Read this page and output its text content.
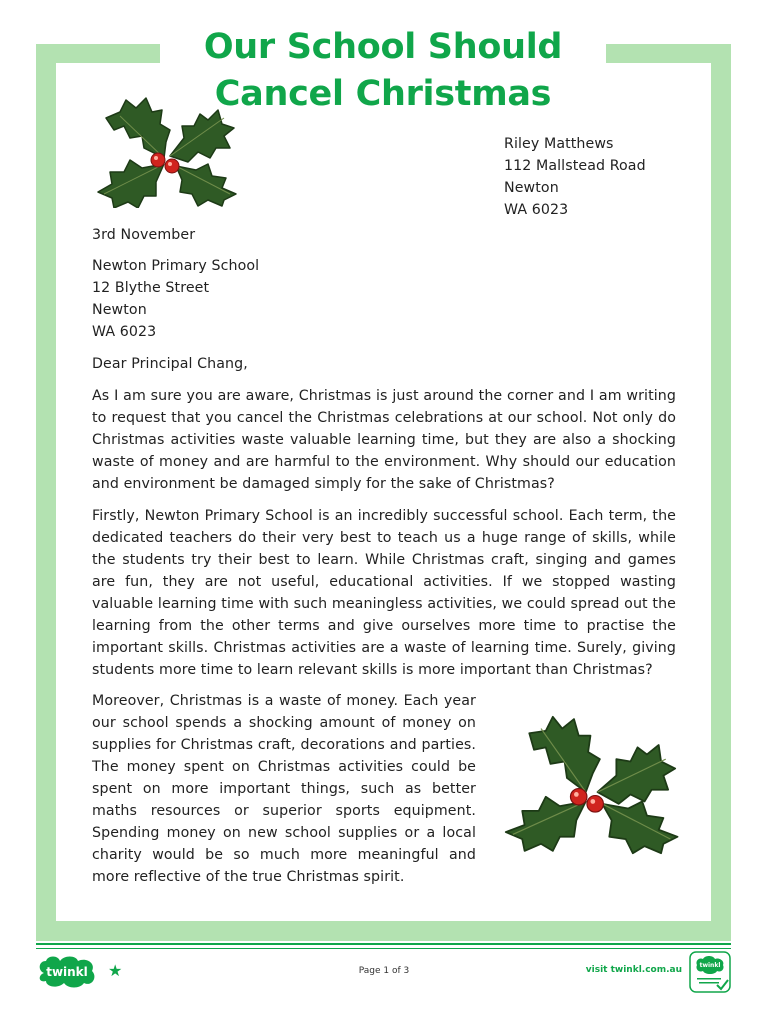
Our School Should
Cancel Christmas
Riley Matthews
112 Mallstead Road
Newton
WA 6023
3rd November
Newton Primary School
12 Blythe Street
Newton
WA 6023
Dear Principal Chang,

As I am sure you are aware, Christmas is just around the corner and I am writing to request that you cancel the Christmas celebrations at our school. Not only do Christmas activities waste valuable learning time, but they are also a shocking waste of money and are harmful to the environment. Why should our education and environment be damaged simply for the sake of Christmas?

Firstly, Newton Primary School is an incredibly successful school. Each term, the dedicated teachers do their very best to teach us a huge range of skills, while the students try their best to learn. While Christmas craft, singing and games are fun, they are not useful, educational activities. If we stopped wasting valuable learning time with such meaningless activities, we could spread out the learning from the other terms and give ourselves more time to practise the important skills. Christmas activities are a waste of learning time. Surely, giving students more time to learn relevant skills is more important than Christmas?

Moreover, Christmas is a waste of money. Each year our school spends a shocking amount of money on supplies for Christmas craft, decorations and parties. The money spent on Christmas activities could be spent on more important things, such as better maths resources or superior sports equipment. Spending money on new school supplies or a local charity would be so much more meaningful and more reflective of the true Christmas spirit.

twinkl ★	Page 1 of 3	visit twinkl.com.au	twinkl
